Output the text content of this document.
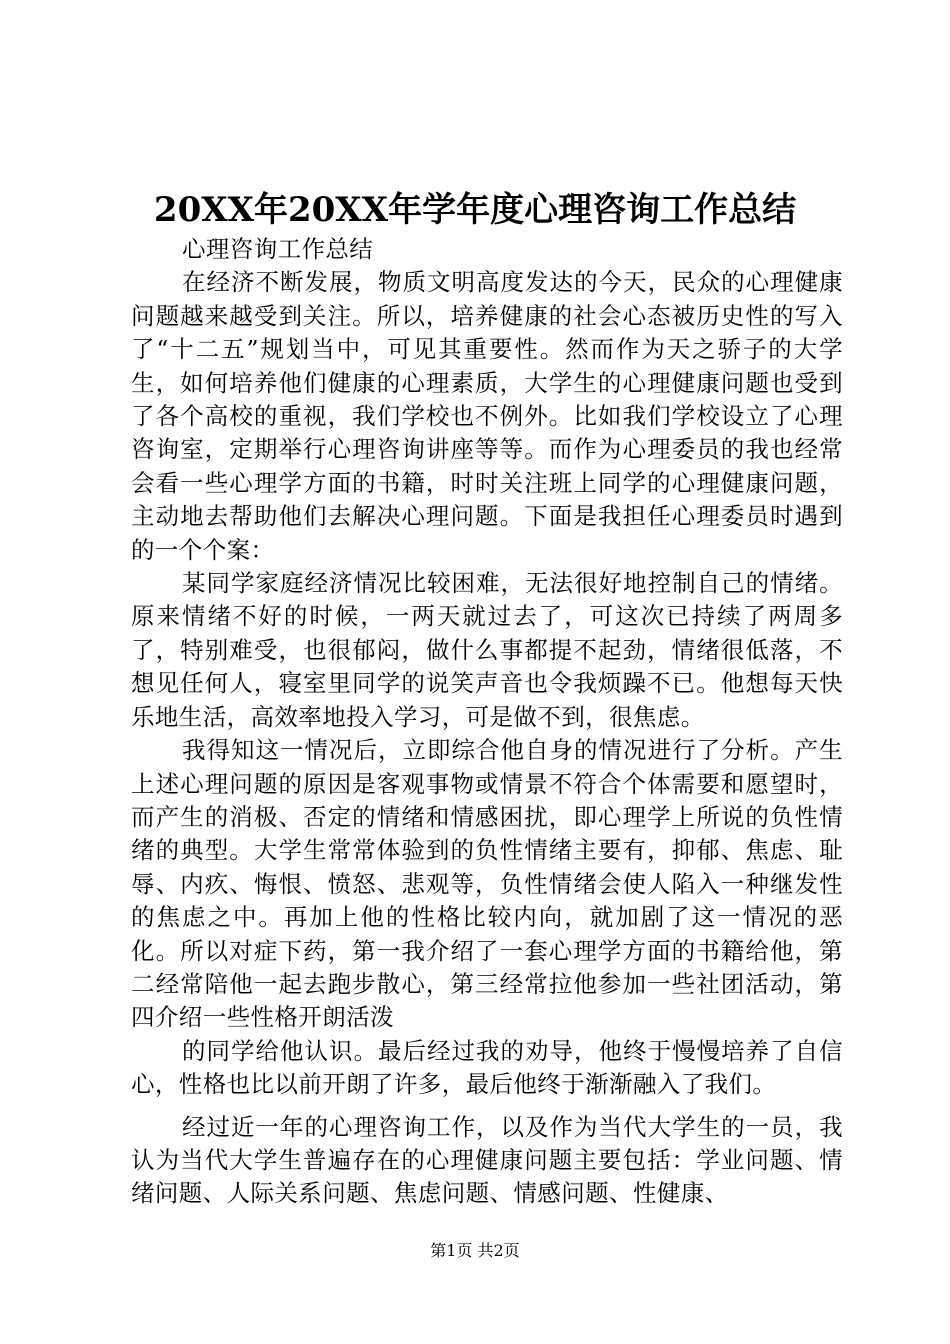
20XX年20XX年学年度心理咨询工作总结

心理咨询工作总结

在经济不断发展，物质文明高度发达的今天，民众的心理健康问题越来越受到关注。所以，培养健康的社会心态被历史性的写入了“十二五”规划当中，可见其重要性。然而作为天之骄子的大学生，如何培养他们健康的心理素质，大学生的心理健康问题也受到了各个高校的重视，我们学校也不例外。比如我们学校设立了心理咨询室，定期举行心理咨询讲座等等。而作为心理委员的我也经常会看一些心理学方面的书籍，时时关注班上同学的心理健康问题，主动地去帮助他们去解决心理问题。下面是我担任心理委员时遇到的一个个案：

某同学家庭经济情况比较困难，无法很好地控制自己的情绪。原来情绪不好的时候，一两天就过去了，可这次已持续了两周多了，特别难受，也很郁闷，做什么事都提不起劲，情绪很低落，不想见任何人，寝室里同学的说笑声音也令我烦躁不已。他想每天快乐地生活，高效率地投入学习，可是做不到，很焦虑。

我得知这一情况后，立即综合他自身的情况进行了分析。产生上述心理问题的原因是客观事物或情景不符合个体需要和愿望时，而产生的消极、否定的情绪和情感困扰，即心理学上所说的负性情绪的典型。大学生常常体验到的负性情绪主要有，抑郁、焦虑、耻辱、内疚、悔恨、愤怒、悲观等，负性情绪会使人陷入一种继发性的焦虑之中。再加上他的性格比较内向，就加剧了这一情况的恶化。所以对症下药，第一我介绍了一套心理学方面的书籍给他，第二经常陪他一起去跑步散心，第三经常拉他参加一些社团活动，第四介绍一些性格开朗活泼

的同学给他认识。最后经过我的劝导，他终于慢慢培养了自信心，性格也比以前开朗了许多，最后他终于渐渐融入了我们。

经过近一年的心理咨询工作，以及作为当代大学生的一员，我认为当代大学生普遍存在的心理健康问题主要包括：学业问题、情绪问题、人际关系问题、焦虑问题、情感问题、性健康、

第1页 共2页
